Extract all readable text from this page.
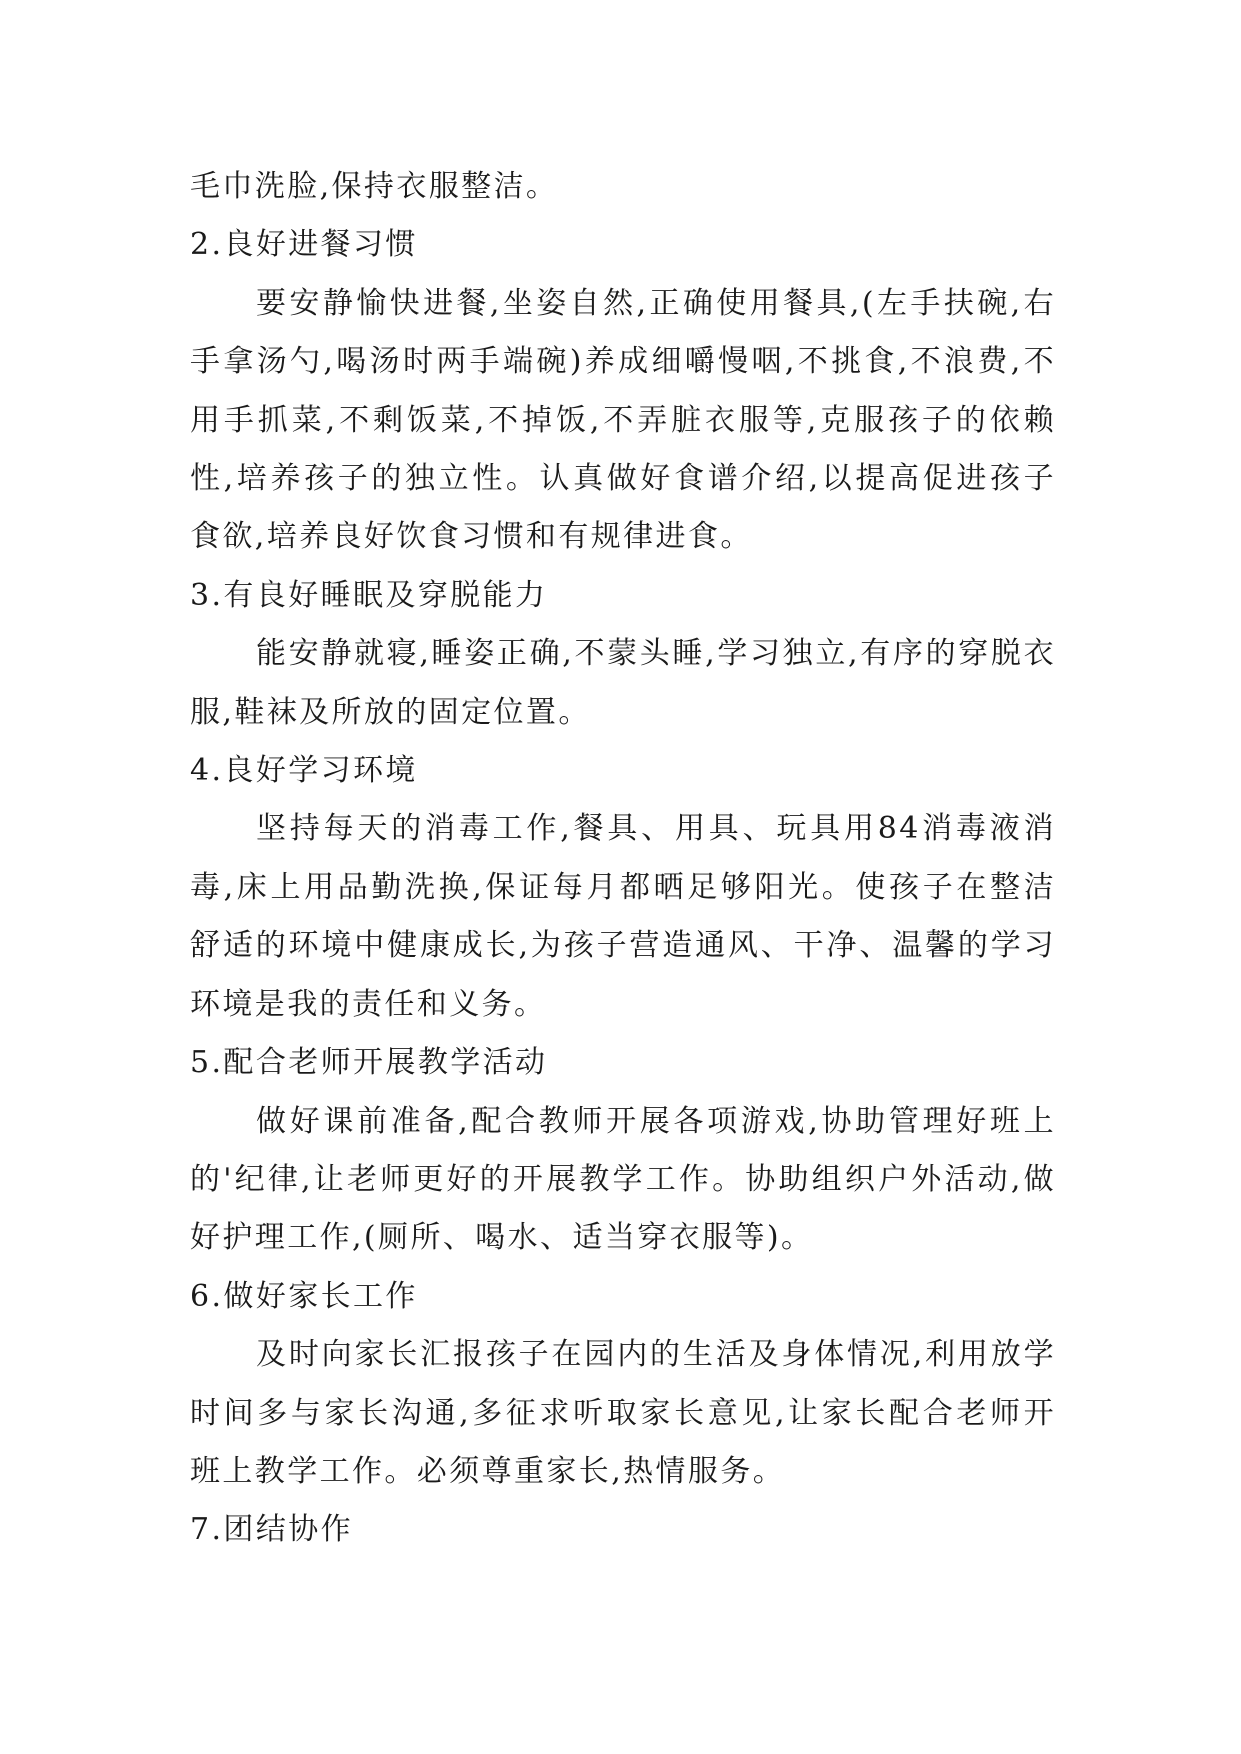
毛巾洗脸,保持衣服整洁。

2.良好进餐习惯

要安静愉快进餐,坐姿自然,正确使用餐具,(左手扶碗,右手拿汤勺,喝汤时两手端碗)养成细嚼慢咽,不挑食,不浪费,不用手抓菜,不剩饭菜,不掉饭,不弄脏衣服等,克服孩子的依赖性,培养孩子的独立性。认真做好食谱介绍,以提高促进孩子食欲,培养良好饮食习惯和有规律进食。

3.有良好睡眠及穿脱能力

能安静就寝,睡姿正确,不蒙头睡,学习独立,有序的穿脱衣服,鞋袜及所放的固定位置。

4.良好学习环境

坚持每天的消毒工作,餐具、用具、玩具用84消毒液消毒,床上用品勤洗换,保证每月都晒足够阳光。使孩子在整洁舒适的环境中健康成长,为孩子营造通风、干净、温馨的学习环境是我的责任和义务。

5.配合老师开展教学活动

做好课前准备,配合教师开展各项游戏,协助管理好班上的'纪律,让老师更好的开展教学工作。协助组织户外活动,做好护理工作,(厕所、喝水、适当穿衣服等)。

6.做好家长工作

及时向家长汇报孩子在园内的生活及身体情况,利用放学时间多与家长沟通,多征求听取家长意见,让家长配合老师开班上教学工作。必须尊重家长,热情服务。

7.团结协作
